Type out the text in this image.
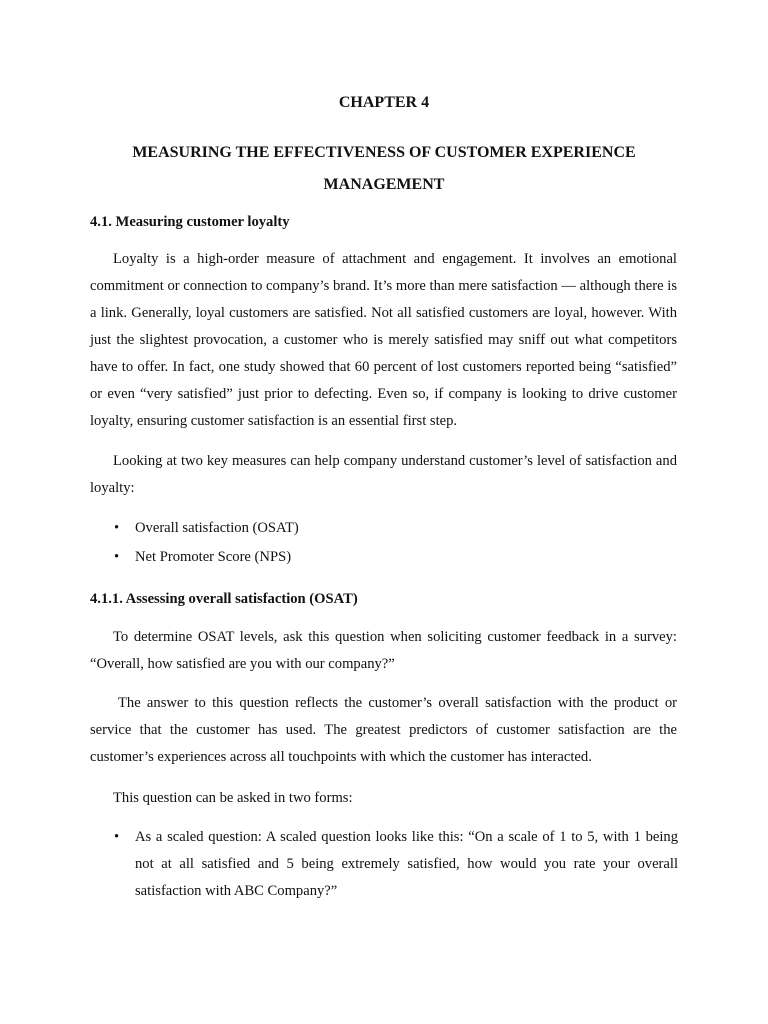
CHAPTER 4
MEASURING THE EFFECTIVENESS OF CUSTOMER EXPERIENCE MANAGEMENT
4.1. Measuring customer loyalty

Loyalty is a high-order measure of attachment and engagement. It involves an emotional commitment or connection to company’s brand. It’s more than mere satisfaction — although there is a link. Generally, loyal customers are satisfied. Not all satisfied customers are loyal, however. With just the slightest provocation, a customer who is merely satisfied may sniff out what competitors have to offer. In fact, one study showed that 60 percent of lost customers reported being “satisfied” or even “very satisfied” just prior to defecting. Even so, if company is looking to drive customer loyalty, ensuring customer satisfaction is an essential first step.

Looking at two key measures can help company understand customer’s level of satisfaction and loyalty:

• Overall satisfaction (OSAT)
• Net Promoter Score (NPS)
4.1.1. Assessing overall satisfaction (OSAT)

To determine OSAT levels, ask this question when soliciting customer feedback in a survey: “Overall, how satisfied are you with our company?”

The answer to this question reflects the customer’s overall satisfaction with the product or service that the customer has used. The greatest predictors of customer satisfaction are the customer’s experiences across all touchpoints with which the customer has interacted.

This question can be asked in two forms:

• As a scaled question: A scaled question looks like this: “On a scale of 1 to 5, with 1 being not at all satisfied and 5 being extremely satisfied, how would you rate your overall satisfaction with ABC Company?”
